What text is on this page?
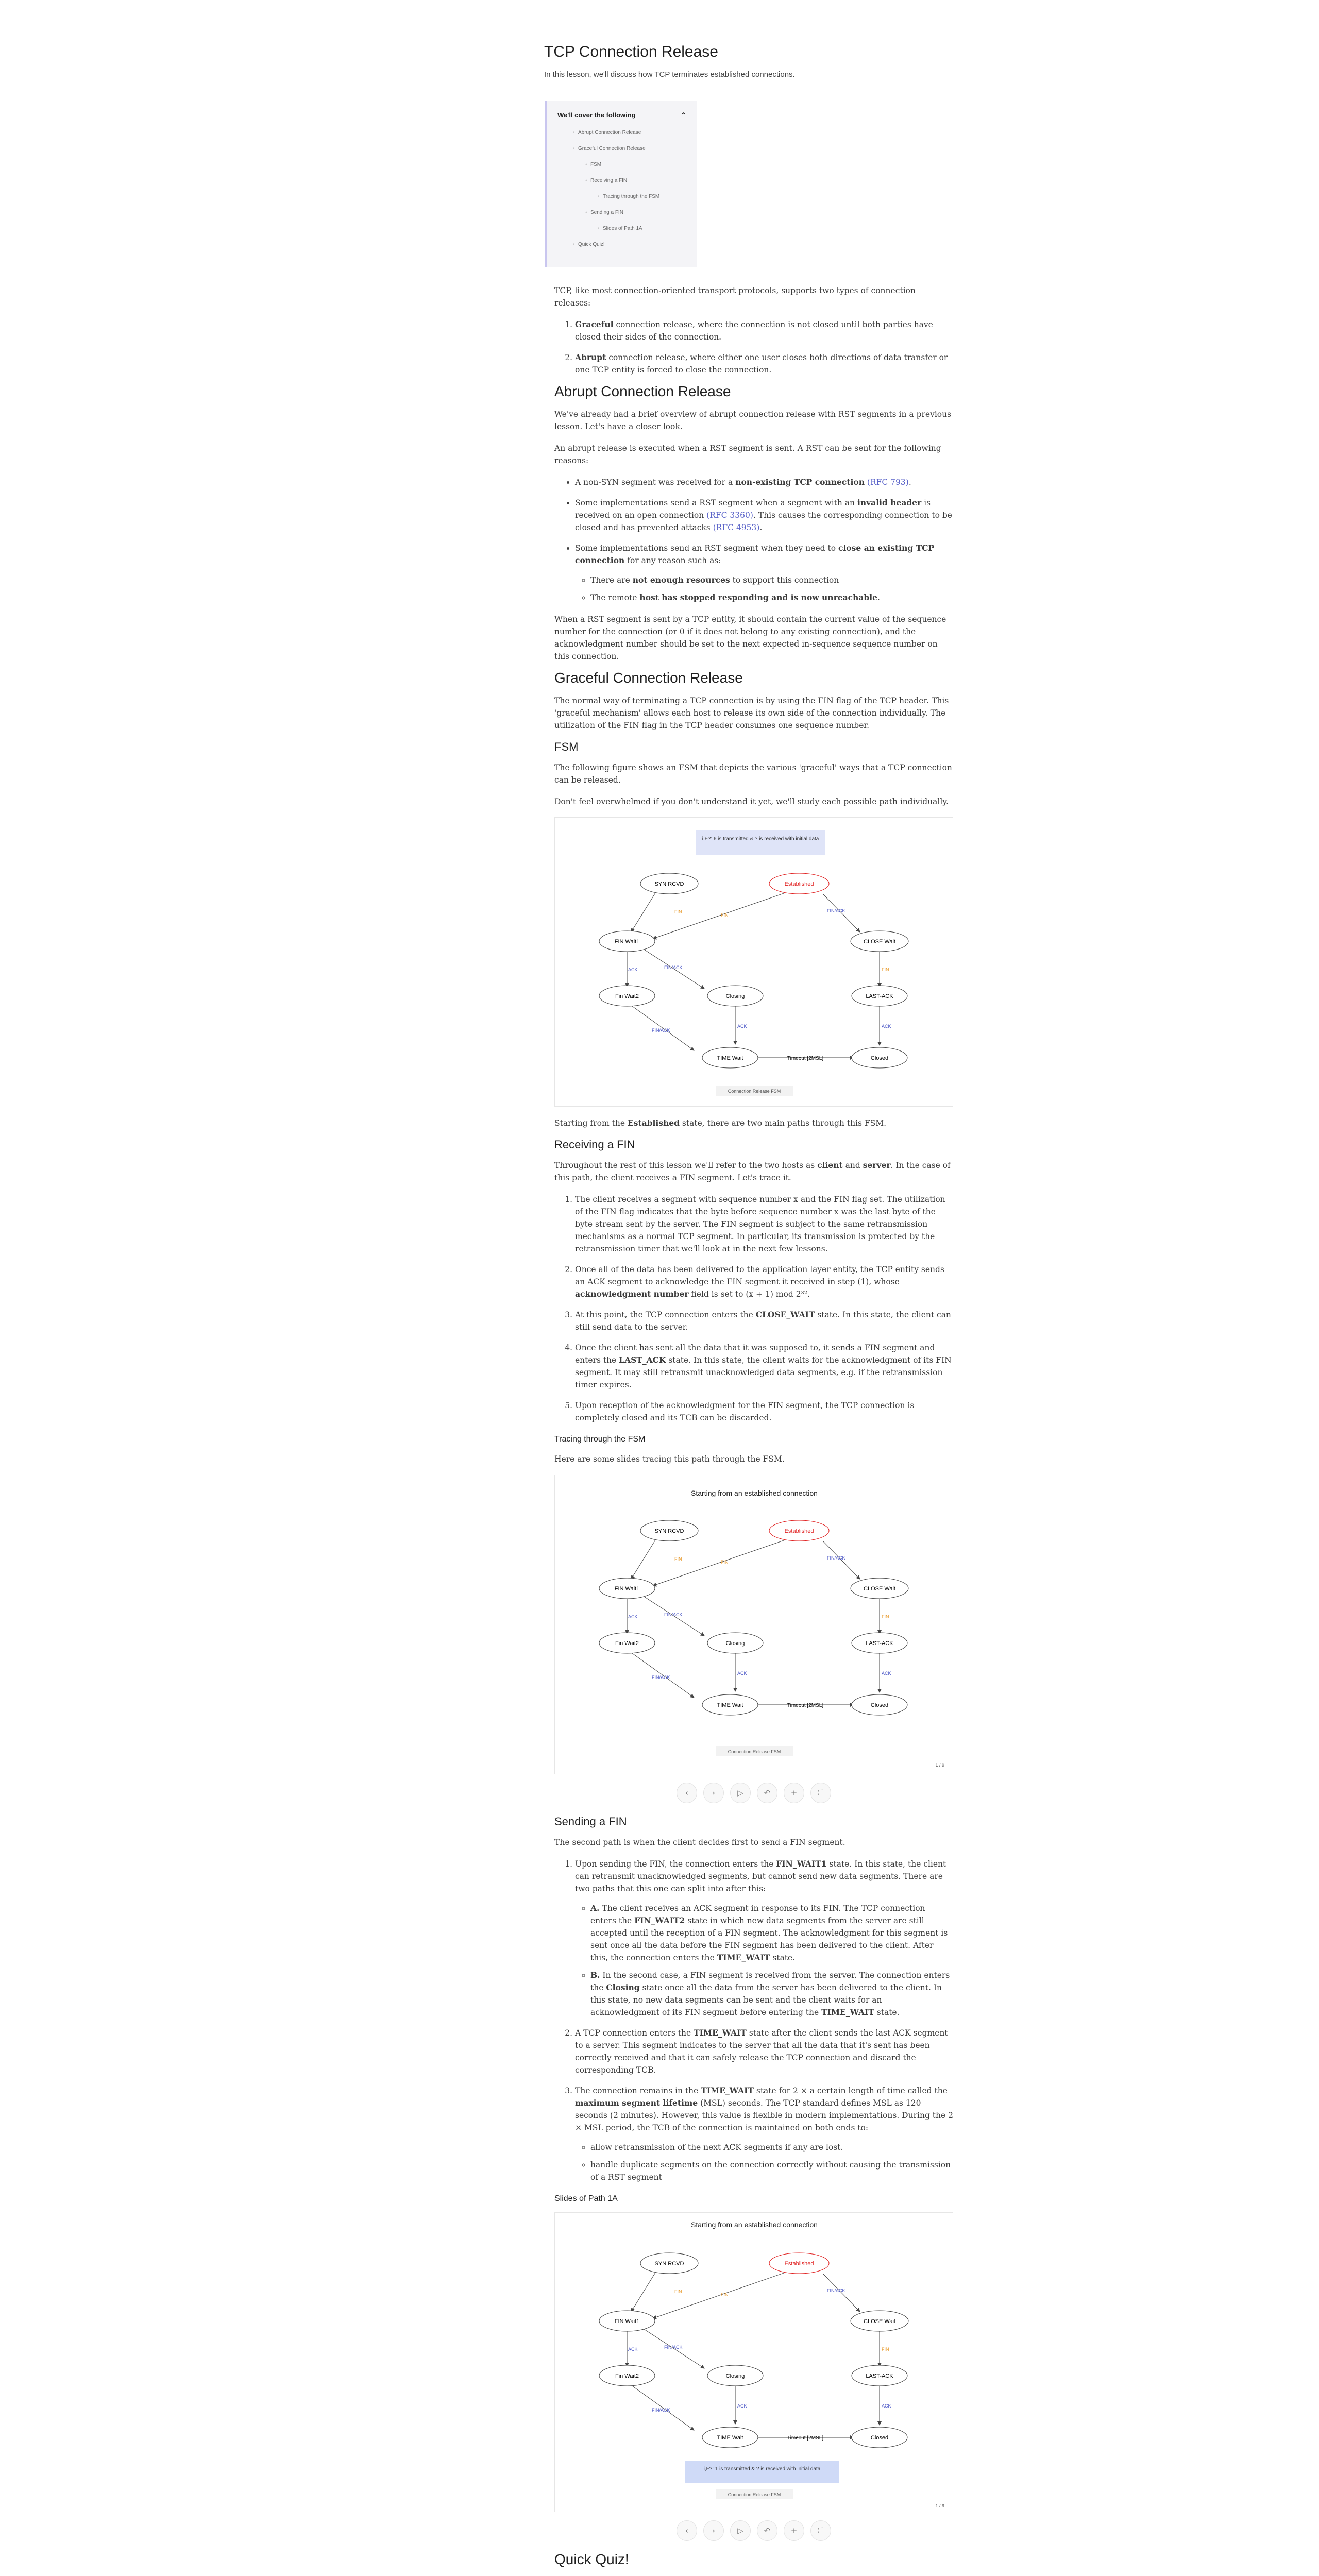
TCP Connection Release
In this lesson, we'll discuss how TCP terminates established connections.
We'll cover the following	⌃
◦ Abrupt Connection Release
◦ Graceful Connection Release
◦ FSM
◦ Receiving a FIN
◦ Tracing through the FSM
◦ Sending a FIN
◦ Slides of Path 1A
◦ Quick Quiz!

TCP, like most connection-oriented transport protocols, supports two types of connection releases:

1. Graceful connection release, where the connection is not closed until both parties have closed their sides of the connection.
2. Abrupt connection release, where either one user closes both directions of data transfer or one TCP entity is forced to close the connection.
Abrupt Connection Release

We've already had a brief overview of abrupt connection release with RST segments in a previous lesson. Let's have a closer look.

An abrupt release is executed when a RST segment is sent. A RST can be sent for the following reasons:

• A non-SYN segment was received for a non-existing TCP connection (RFC 793).
• Some implementations send a RST segment when a segment with an invalid header is received on an open connection (RFC 3360). This causes the corresponding connection to be closed and has prevented attacks (RFC 4953).
• Some implementations send an RST segment when they need to close an existing TCP connection for any reason such as:
◦ There are not enough resources to support this connection
◦ The remote host has stopped responding and is now unreachable.

When a RST segment is sent by a TCP entity, it should contain the current value of the sequence number for the connection (or 0 if it does not belong to any existing connection), and the acknowledgment number should be set to the next expected in-sequence sequence number on this connection.

Graceful Connection Release

The normal way of terminating a TCP connection is by using the FIN flag of the TCP header. This 'graceful mechanism' allows each host to release its own side of the connection individually. The utilization of the FIN flag in the TCP header consumes one sequence number.

FSM

The following figure shows an FSM that depicts the various 'graceful' ways that a TCP connection can be released.

Don't feel overwhelmed if you don't understand it yet, we'll study each possible path individually.

i,F?: 6 is transmitted & ? is received with initial data
FIN
FIN
FIN/ACK
ACK	FIN/ACK
FIN/ACK
ACK
FIN
ACK
SYN RCVD	Established
FIN Wait1	CLOSE Wait
Fin Wait2	Closing	LAST-ACK
TIME Wait	Timeout [2MSL]	Closed
Connection Release FSM

Starting from the Established state, there are two main paths through this FSM.

Receiving a FIN

Throughout the rest of this lesson we'll refer to the two hosts as client and server. In the case of this path, the client receives a FIN segment. Let's trace it.

1. The client receives a segment with sequence number x and the FIN flag set. The utilization of the FIN flag indicates that the byte before sequence number x was the last byte of the byte stream sent by the server. The FIN segment is subject to the same retransmission mechanisms as a normal TCP segment. In particular, its transmission is protected by the retransmission timer that we'll look at in the next few lessons.
2. Once all of the data has been delivered to the application layer entity, the TCP entity sends an ACK segment to acknowledge the FIN segment it received in step (1), whose acknowledgment number field is set to (x + 1) mod 2³².
3. At this point, the TCP connection enters the CLOSE_WAIT state. In this state, the client can still send data to the server.
4. Once the client has sent all the data that it was supposed to, it sends a FIN segment and enters the LAST_ACK state. In this state, the client waits for the acknowledgment of its FIN segment. It may still retransmit unacknowledged data segments, e.g. if the retransmission timer expires.
5. Upon reception of the acknowledgment for the FIN segment, the TCP connection is completely closed and its TCB can be discarded.
Tracing through the FSM

Here are some slides tracing this path through the FSM.

Starting from an established connection
FIN
FIN
FIN/ACK
ACK	FIN/ACK
FIN/ACK
ACK
FIN
ACK
SYN RCVD	Established
FIN Wait1	CLOSE Wait
Fin Wait2	Closing	LAST-ACK
TIME Wait	Timeout [2MSL]	Closed
Connection Release FSM
1 / 9
‹	›	▷	↶	+	⛶
Sending a FIN

The second path is when the client decides first to send a FIN segment.

1. Upon sending the FIN, the connection enters the FIN_WAIT1 state. In this state, the client can retransmit unacknowledged segments, but cannot send new data segments. There are two paths that this one can split into after this:
◦ A. The client receives an ACK segment in response to its FIN. The TCP connection enters the FIN_WAIT2 state in which new data segments from the server are still accepted until the reception of a FIN segment. The acknowledgment for this segment is sent once all the data before the FIN segment has been delivered to the client. After this, the connection enters the TIME_WAIT state.
◦ B. In the second case, a FIN segment is received from the server. The connection enters the Closing state once all the data from the server has been delivered to the client. In this state, no new data segments can be sent and the client waits for an acknowledgment of its FIN segment before entering the TIME_WAIT state.
2. A TCP connection enters the TIME_WAIT state after the client sends the last ACK segment to a server. This segment indicates to the server that all the data that it's sent has been correctly received and that it can safely release the TCP connection and discard the corresponding TCB.
3. The connection remains in the TIME_WAIT state for 2 × a certain length of time called the maximum segment lifetime (MSL) seconds. The TCP standard defines MSL as 120 seconds (2 minutes). However, this value is flexible in modern implementations. During the 2 × MSL period, the TCB of the connection is maintained on both ends to:
◦ allow retransmission of the next ACK segments if any are lost.
◦ handle duplicate segments on the connection correctly without causing the transmission of a RST segment
Slides of Path 1A
Starting from an established connection
FIN
FIN
FIN/ACK
ACK	FIN/ACK
FIN/ACK
ACK
FIN
ACK
SYN RCVD	Established
FIN Wait1	CLOSE Wait
Fin Wait2	Closing	LAST-ACK
TIME Wait	Timeout [2MSL]	Closed
i,F?: 1 is transmitted & ? is received with initial data
Connection Release FSM
1 / 9
‹	›	▷	↶	+	⛶
Quick Quiz!
